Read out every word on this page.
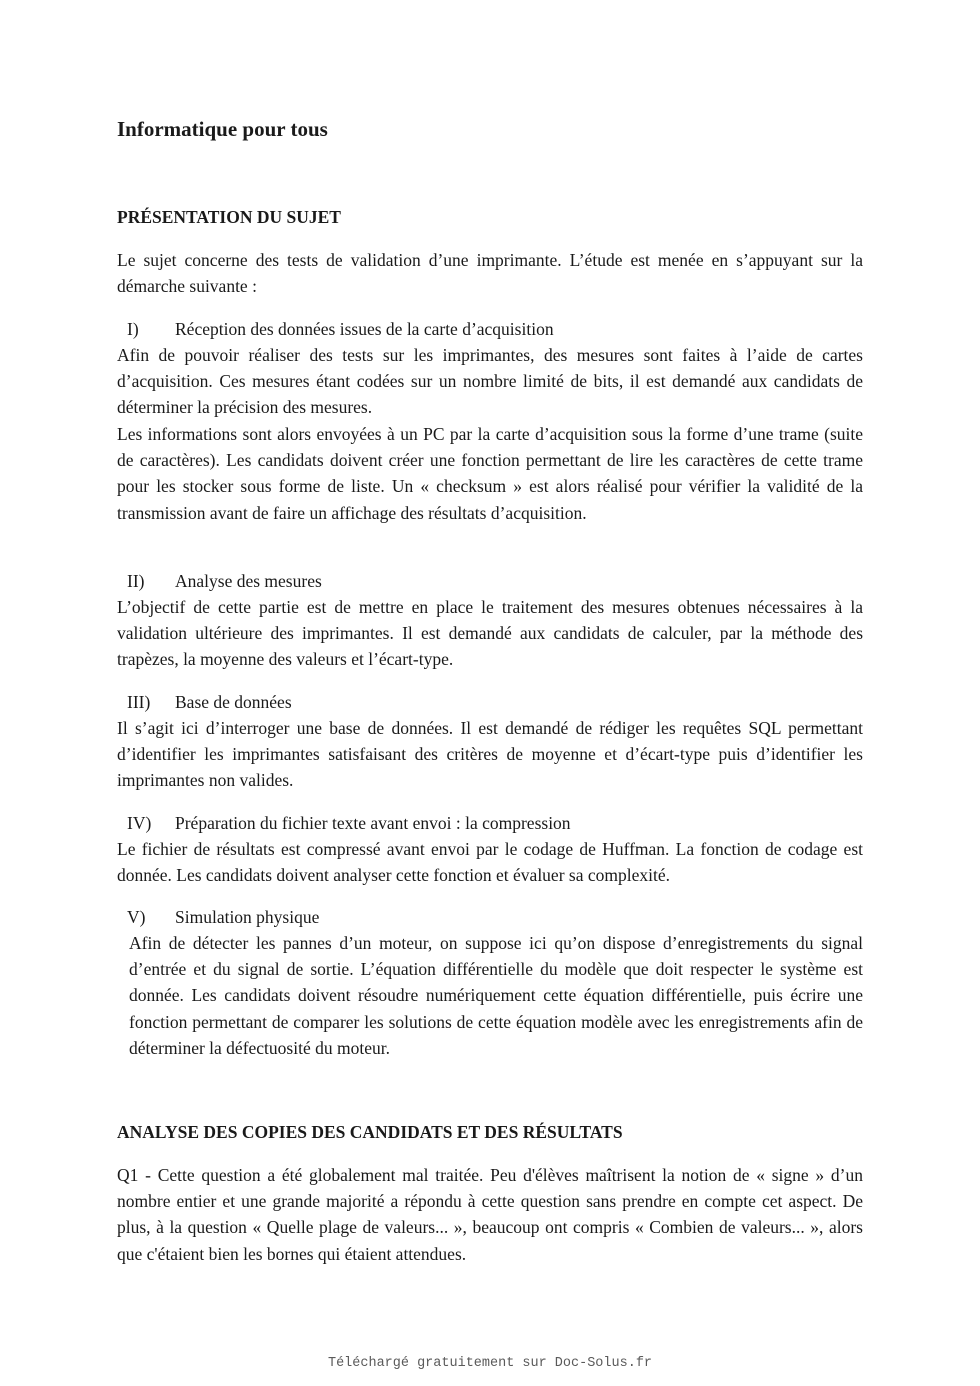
Informatique pour tous
PRÉSENTATION DU SUJET

Le sujet concerne des tests de validation d’une imprimante. L’étude est menée en s’appuyant sur la démarche suivante :

I) Réception des données issues de la carte d’acquisition

Afin de pouvoir réaliser des tests sur les imprimantes, des mesures sont faites à l’aide de cartes d’acquisition. Ces mesures étant codées sur un nombre limité de bits, il est demandé aux candidats de déterminer la précision des mesures.

Les informations sont alors envoyées à un PC par la carte d’acquisition sous la forme d’une trame (suite de caractères). Les candidats doivent créer une fonction permettant de lire les caractères de cette trame pour les stocker sous forme de liste. Un « checksum » est alors réalisé pour vérifier la validité de la transmission avant de faire un affichage des résultats d’acquisition.

II) Analyse des mesures

L’objectif de cette partie est de mettre en place le traitement des mesures obtenues nécessaires à la validation ultérieure des imprimantes. Il est demandé aux candidats de calculer, par la méthode des trapèzes, la moyenne des valeurs et l’écart-type.

III) Base de données

Il s’agit ici d’interroger une base de données. Il est demandé de rédiger les requêtes SQL permettant d’identifier les imprimantes satisfaisant des critères de moyenne et d’écart-type puis d’identifier les imprimantes non valides.

IV) Préparation du fichier texte avant envoi : la compression

Le fichier de résultats est compressé avant envoi par le codage de Huffman. La fonction de codage est donnée. Les candidats doivent analyser cette fonction et évaluer sa complexité.

V) Simulation physique

Afin de détecter les pannes d’un moteur, on suppose ici qu’on dispose d’enregistrements du signal d’entrée et du signal de sortie. L’équation différentielle du modèle que doit respecter le système est donnée. Les candidats doivent résoudre numériquement cette équation différentielle, puis écrire une fonction permettant de comparer les solutions de cette équation modèle avec les enregistrements afin de déterminer la défectuosité du moteur.

ANALYSE DES COPIES DES CANDIDATS ET DES RÉSULTATS

Q1 - Cette question a été globalement mal traitée. Peu d'élèves maîtrisent la notion de « signe » d’un nombre entier et une grande majorité a répondu à cette question sans prendre en compte cet aspect. De plus, à la question « Quelle plage de valeurs... », beaucoup ont compris « Combien de valeurs... », alors que c'étaient bien les bornes qui étaient attendues.

Téléchargé gratuitement sur Doc-Solus.fr
